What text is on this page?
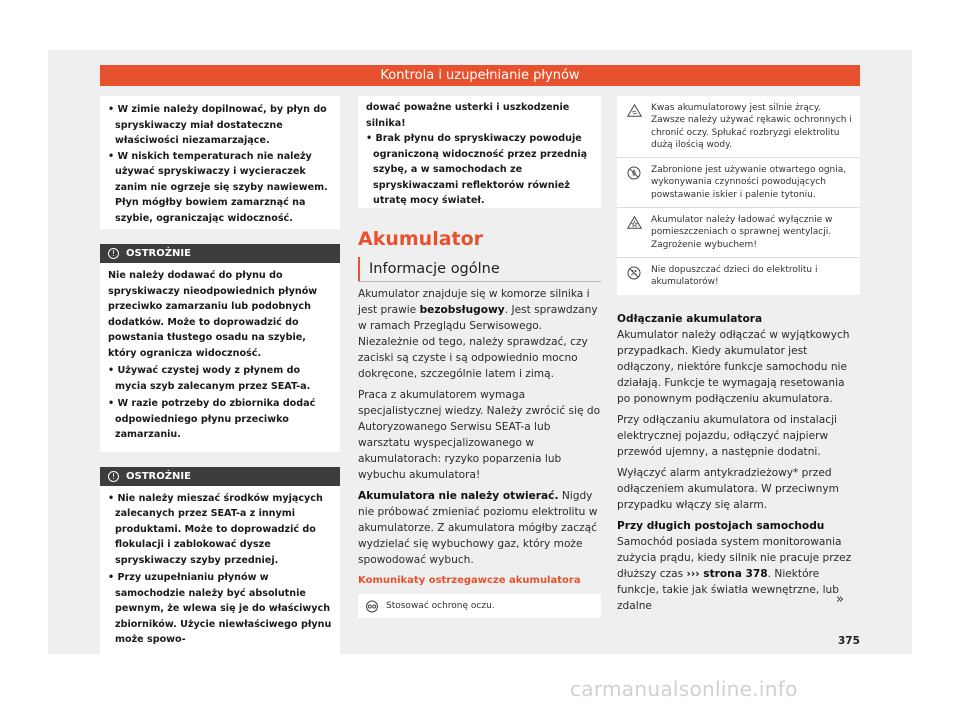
Kontrola i uzupełnianie płynów

• W zimie należy dopilnować, by płyn do spryskiwaczy miał dostateczne właściwości niezamarzające.

• W niskich temperaturach nie należy używać spryskiwaczy i wycieraczek zanim nie ogrzeje się szyby nawiewem. Płyn mógłby bowiem zamarznąć na szybie, ograniczając widoczność.

!	OSTROŻNIE

Nie należy dodawać do płynu do spryskiwaczy nieodpowiednich płynów przeciwko zamarzaniu lub podobnych dodatków. Może to doprowadzić do powstania tłustego osadu na szybie, który ogranicza widoczność.

• Używać czystej wody z płynem do mycia szyb zalecanym przez SEAT-a.

• W razie potrzeby do zbiornika dodać odpowiedniego płynu przeciwko zamarzaniu.

!	OSTROŻNIE

• Nie należy mieszać środków myjących zalecanych przez SEAT-a z innymi produktami. Może to doprowadzić do flokulacji i zablokować dysze spryskiwaczy szyby przedniej.

• Przy uzupełnianiu płynów w samochodzie należy być absolutnie pewnym, że wlewa się je do właściwych zbiorników. Użycie niewłaściwego płynu może spowo-

dować poważne usterki i uszkodzenie silnika!

• Brak płynu do spryskiwaczy powoduje ograniczoną widoczność przez przednią szybę, a w samochodach ze spryskiwaczami reflektorów również utratę mocy świateł.

Akumulator
Informacje ogólne

Akumulator znajduje się w komorze silnika i jest prawie bezobsługowy. Jest sprawdzany w ramach Przeglądu Serwisowego. Niezależnie od tego, należy sprawdzać, czy zaciski są czyste i są odpowiednio mocno dokręcone, szczególnie latem i zimą.

Praca z akumulatorem wymaga specjalistycznej wiedzy. Należy zwrócić się do Autoryzowanego Serwisu SEAT-a lub warsztatu wyspecjalizowanego w akumulatorach: ryzyko poparzenia lub wybuchu akumulatora!

Akumulatora nie należy otwierać. Nigdy nie próbować zmieniać poziomu elektrolitu w akumulatorze. Z akumulatora mógłby zacząć wydzielać się wybuchowy gaz, który może spowodować wybuch.

Komunikaty ostrzegawcze akumulatora
Stosować ochronę oczu.
Kwas akumulatorowy jest silnie żrący. Zawsze należy używać rękawic ochronnych i chronić oczy. Spłukać rozbryzgi elektrolitu dużą ilością wody.
Zabronione jest używanie otwartego ognia, wykonywania czynności powodujących powstawanie iskier i palenie tytoniu.
Akumulator należy ładować wyłącznie w pomieszczeniach o sprawnej wentylacji. Zagrożenie wybuchem!
Nie dopuszczać dzieci do elektrolitu i akumulatorów!
Odłączanie akumulatora

Akumulator należy odłączać w wyjątkowych przypadkach. Kiedy akumulator jest odłączony, niektóre funkcje samochodu nie działają. Funkcje te wymagają resetowania po ponownym podłączeniu akumulatora.

Przy odłączaniu akumulatora od instalacji elektrycznej pojazdu, odłączyć najpierw przewód ujemny, a następnie dodatni.

Wyłączyć alarm antykradzieżowy* przed odłączeniem akumulatora. W przeciwnym przypadku włączy się alarm.

Przy długich postojach samochodu

Samochód posiada system monitorowania zużycia prądu, kiedy silnik nie pracuje przez dłuższy czas ››› strona 378. Niektóre funkcje, takie jak światła wewnętrzne, lub zdalne	»
375
carmanualsonline.info
